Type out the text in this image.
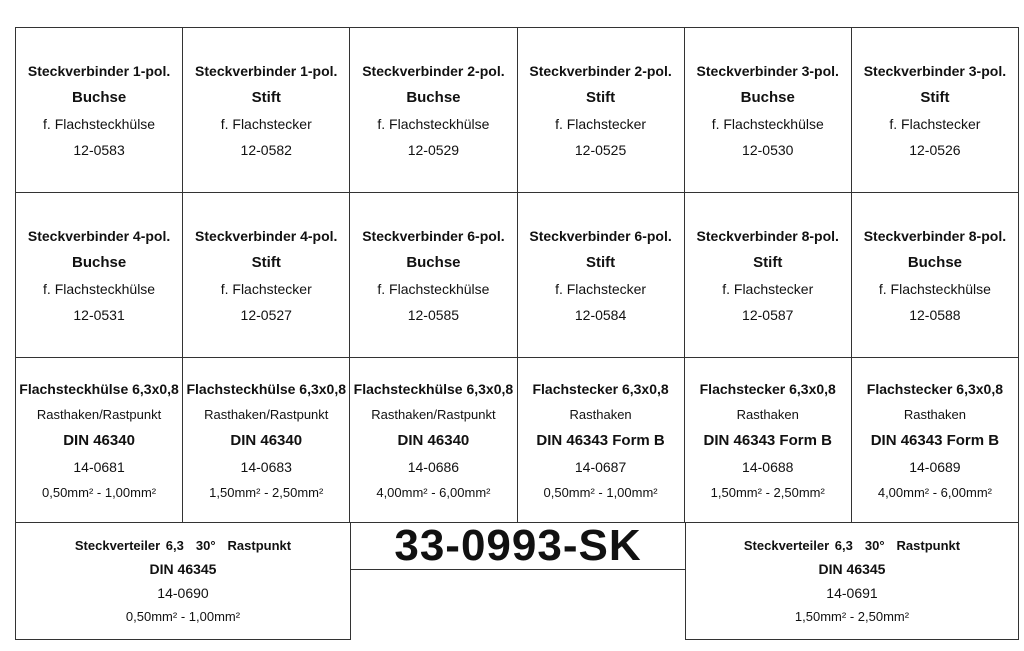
Steckverbinder 1-pol.
Buchse
f. Flachsteckhülse
12-0583
Steckverbinder 1-pol.
Stift
f. Flachstecker
12-0582
Steckverbinder 2-pol.
Buchse
f. Flachsteckhülse
12-0529
Steckverbinder 2-pol.
Stift
f. Flachstecker
12-0525
Steckverbinder 3-pol.
Buchse
f. Flachsteckhülse
12-0530
Steckverbinder 3-pol.
Stift
f. Flachstecker
12-0526
Steckverbinder 4-pol.
Buchse
f. Flachsteckhülse
12-0531
Steckverbinder 4-pol.
Stift
f. Flachstecker
12-0527
Steckverbinder 6-pol.
Buchse
f. Flachsteckhülse
12-0585
Steckverbinder 6-pol.
Stift
f. Flachstecker
12-0584
Steckverbinder 8-pol.
Stift
f. Flachstecker
12-0587
Steckverbinder 8-pol.
Buchse
f. Flachsteckhülse
12-0588
Flachsteckhülse 6,3x0,8
Rasthaken/Rastpunkt
DIN 46340
14-0681
0,50mm² - 1,00mm²
Flachsteckhülse 6,3x0,8
Rasthaken/Rastpunkt
DIN 46340
14-0683
1,50mm² - 2,50mm²
Flachsteckhülse 6,3x0,8
Rasthaken/Rastpunkt
DIN 46340
14-0686
4,00mm² - 6,00mm²
Flachstecker 6,3x0,8
Rasthaken
DIN 46343 Form B
14-0687
0,50mm² - 1,00mm²
Flachstecker 6,3x0,8
Rasthaken
DIN 46343 Form B
14-0688
1,50mm² - 2,50mm²
Flachstecker 6,3x0,8
Rasthaken
DIN 46343 Form B
14-0689
4,00mm² - 6,00mm²
Steckverteiler 6,3 30° Rastpunkt
DIN 46345
14-0690
0,50mm² - 1,00mm²
33-0993-SK	Steckverteiler 6,3 30° Rastpunkt
DIN 46345
14-0691
1,50mm² - 2,50mm²
